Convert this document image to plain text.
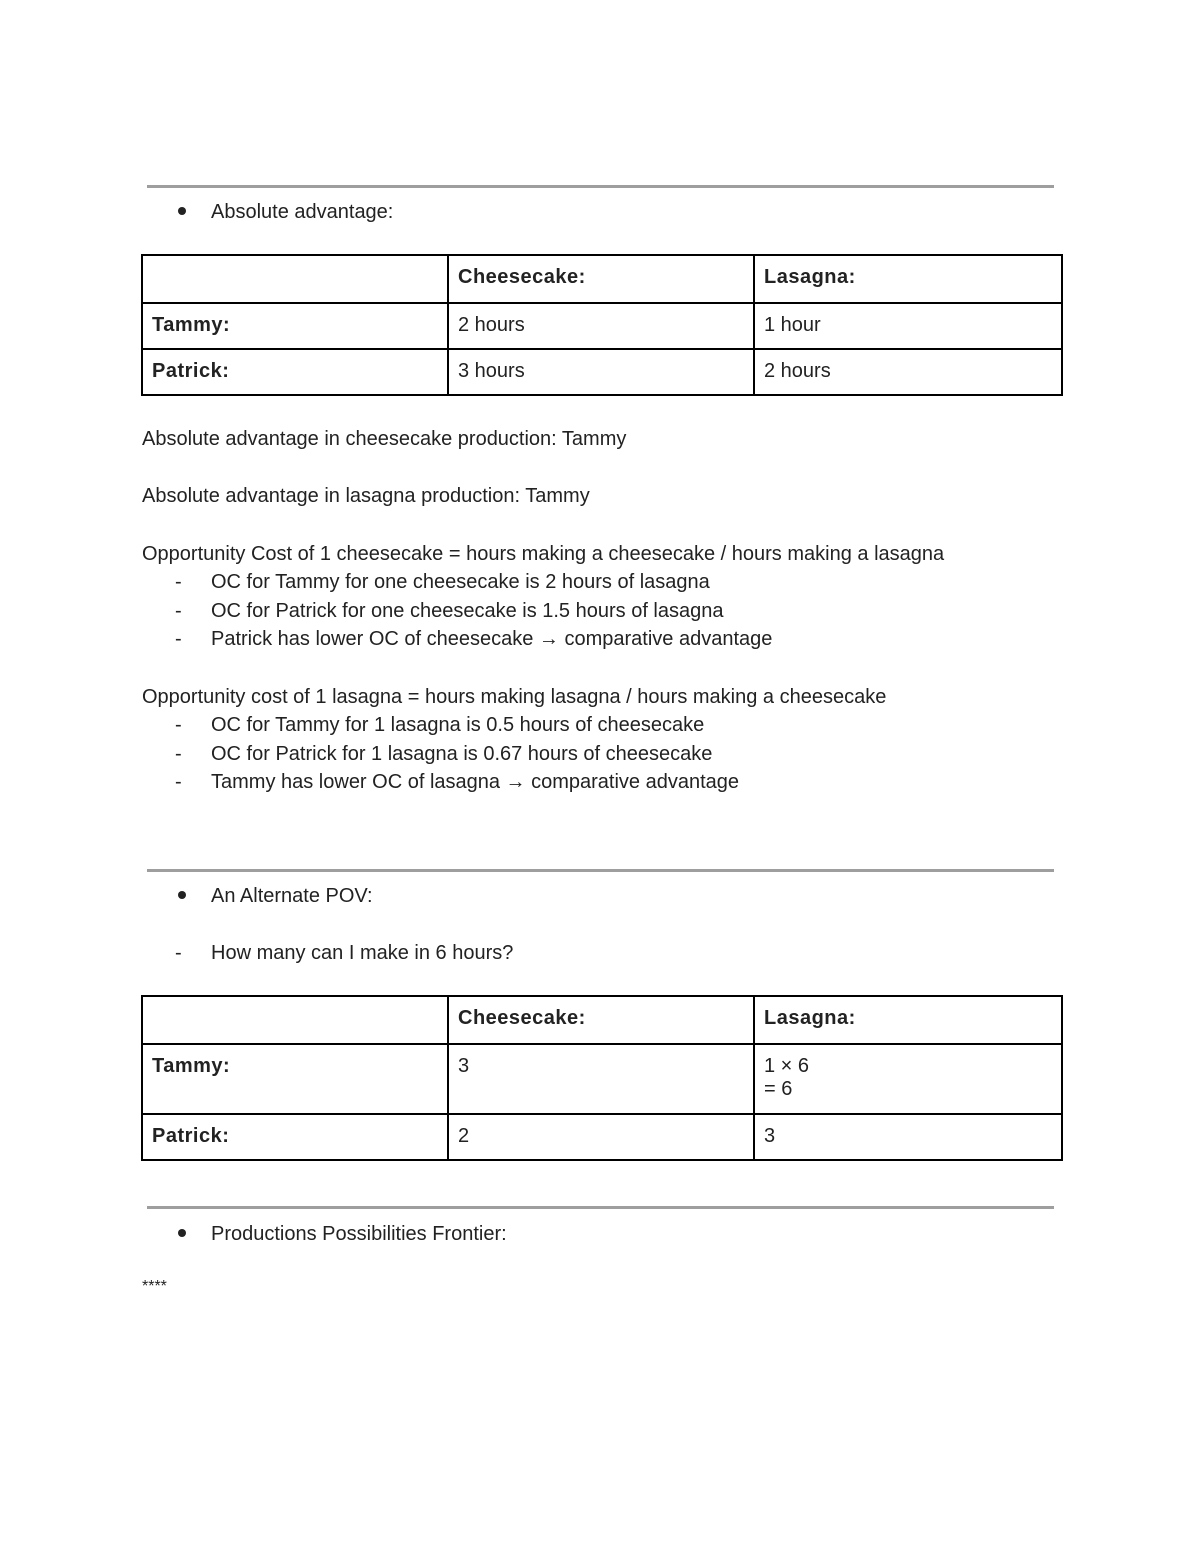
Absolute advantage:
	Cheesecake:	Lasagna:
Tammy:	2 hours	1 hour
Patrick:	3 hours	2 hours
Absolute advantage in cheesecake production: Tammy
Absolute advantage in lasagna production: Tammy
Opportunity Cost of 1 cheesecake = hours making a cheesecake / hours making a lasagna
- OC for Tammy for one cheesecake is 2 hours of lasagna
- OC for Patrick for one cheesecake is 1.5 hours of lasagna
- Patrick has lower OC of cheesecake → comparative advantage
Opportunity cost of 1 lasagna = hours making lasagna / hours making a cheesecake
- OC for Tammy for 1 lasagna is 0.5 hours of cheesecake
- OC for Patrick for 1 lasagna is 0.67 hours of cheesecake
- Tammy has lower OC of lasagna → comparative advantage
An Alternate POV:
- How many can I make in 6 hours?
	Cheesecake:	Lasagna:
Tammy:	3	1 × 6
= 6

Patrick:	2	3
Productions Possibilities Frontier:
****
